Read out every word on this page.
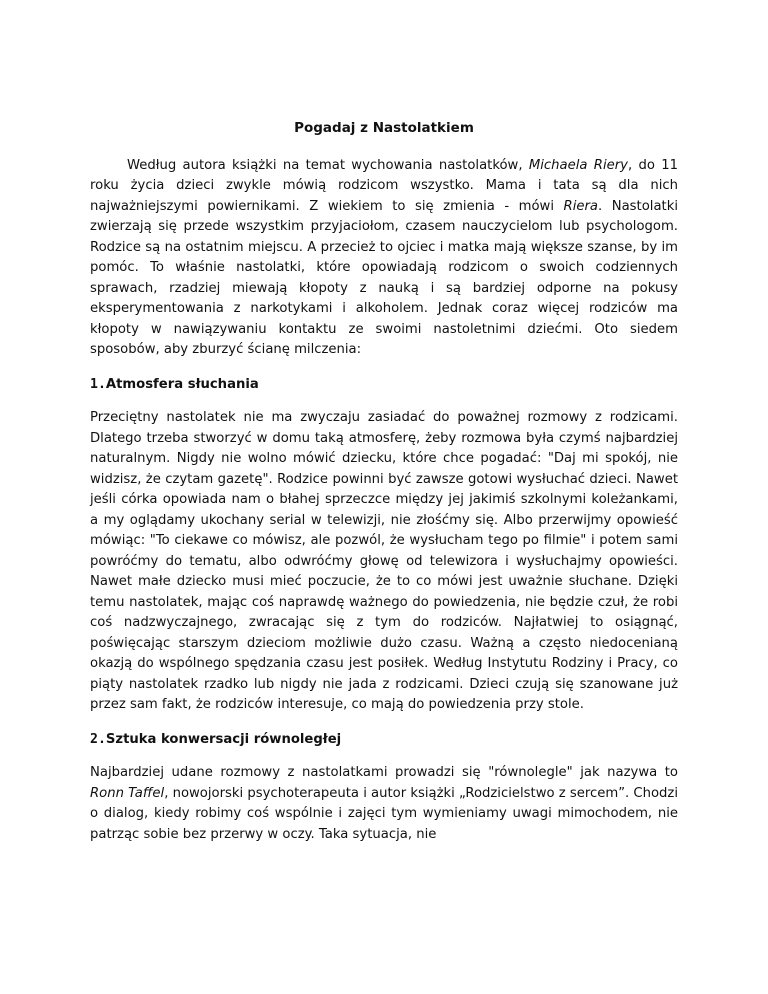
Pogadaj z Nastolatkiem

Według autora książki na temat wychowania nastolatków, Michaela Riery, do 11 roku życia dzieci zwykle mówią rodzicom wszystko. Mama i tata są dla nich najważniejszymi powiernikami. Z wiekiem to się zmienia - mówi Riera. Nastolatki zwierzają się przede wszystkim przyjaciołom, czasem nauczycielom lub psychologom. Rodzice są na ostatnim miejscu. A przecież to ojciec i matka mają większe szanse, by im pomóc. To właśnie nastolatki, które opowiadają rodzicom o swoich codziennych sprawach, rzadziej miewają kłopoty z nauką i są bardziej odporne na pokusy eksperymentowania z narkotykami i alkoholem. Jednak coraz więcej rodziców ma kłopoty w nawiązywaniu kontaktu ze swoimi nastoletnimi dziećmi. Oto siedem sposobów, aby zburzyć ścianę milczenia:

1.Atmosfera słuchania

Przeciętny nastolatek nie ma zwyczaju zasiadać do poważnej rozmowy z rodzicami. Dlatego trzeba stworzyć w domu taką atmosferę, żeby rozmowa była czymś najbardziej naturalnym. Nigdy nie wolno mówić dziecku, które chce pogadać: "Daj mi spokój, nie widzisz, że czytam gazetę". Rodzice powinni być zawsze gotowi wysłuchać dzieci. Nawet jeśli córka opowiada nam o błahej sprzeczce między jej jakimiś szkolnymi koleżankami, a my oglądamy ukochany serial w telewizji, nie złośćmy się. Albo przerwijmy opowieść mówiąc: "To ciekawe co mówisz, ale pozwól, że wysłucham tego po filmie" i potem sami powróćmy do tematu, albo odwróćmy głowę od telewizora i wysłuchajmy opowieści. Nawet małe dziecko musi mieć poczucie, że to co mówi jest uważnie słuchane. Dzięki temu nastolatek, mając coś naprawdę ważnego do powiedzenia, nie będzie czuł, że robi coś nadzwyczajnego, zwracając się z tym do rodziców. Najłatwiej to osiągnąć, poświęcając starszym dzieciom możliwie dużo czasu. Ważną a często niedocenianą okazją do wspólnego spędzania czasu jest posiłek. Według Instytutu Rodziny i Pracy, co piąty nastolatek rzadko lub nigdy nie jada z rodzicami. Dzieci czują się szanowane już przez sam fakt, że rodziców interesuje, co mają do powiedzenia przy stole.

2.Sztuka konwersacji równoległej

Najbardziej udane rozmowy z nastolatkami prowadzi się "równolegle" jak nazywa to Ronn Taffel, nowojorski psychoterapeuta i autor książki „Rodzicielstwo z sercem”. Chodzi o dialog, kiedy robimy coś wspólnie i zajęci tym wymieniamy uwagi mimochodem, nie patrząc sobie bez przerwy w oczy. Taka sytuacja, nie
